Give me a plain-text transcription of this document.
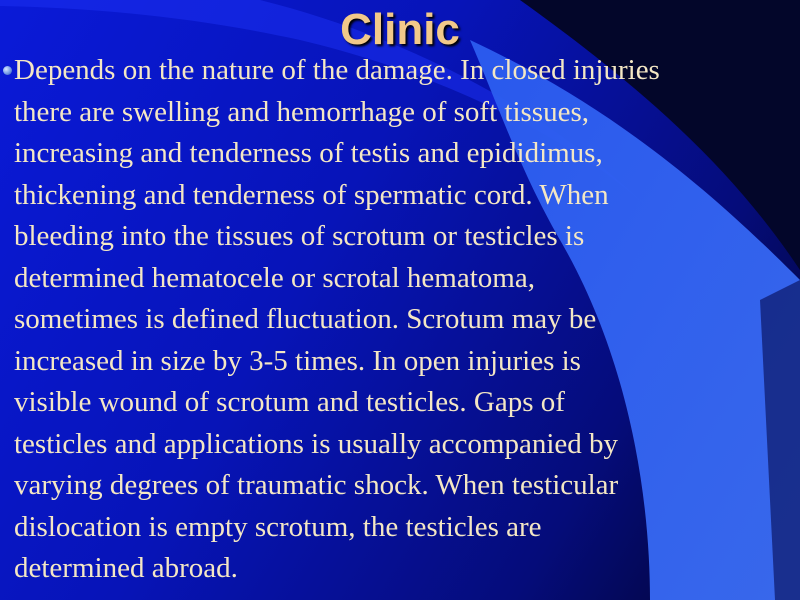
Clinic
Depends on the nature of the damage. In closed injuries
there are swelling and hemorrhage of soft tissues,
increasing and tenderness of testis and epididimus,
thickening and tenderness of spermatic cord. When
bleeding into the tissues of scrotum or testicles is
determined hematocele or scrotal hematoma,
sometimes is defined fluctuation. Scrotum may be
increased in size by 3-5 times. In open injuries is
visible wound of scrotum and testicles. Gaps of
testicles and applications is usually accompanied by
varying degrees of traumatic shock. When testicular
dislocation is empty scrotum, the testicles are
determined abroad.
